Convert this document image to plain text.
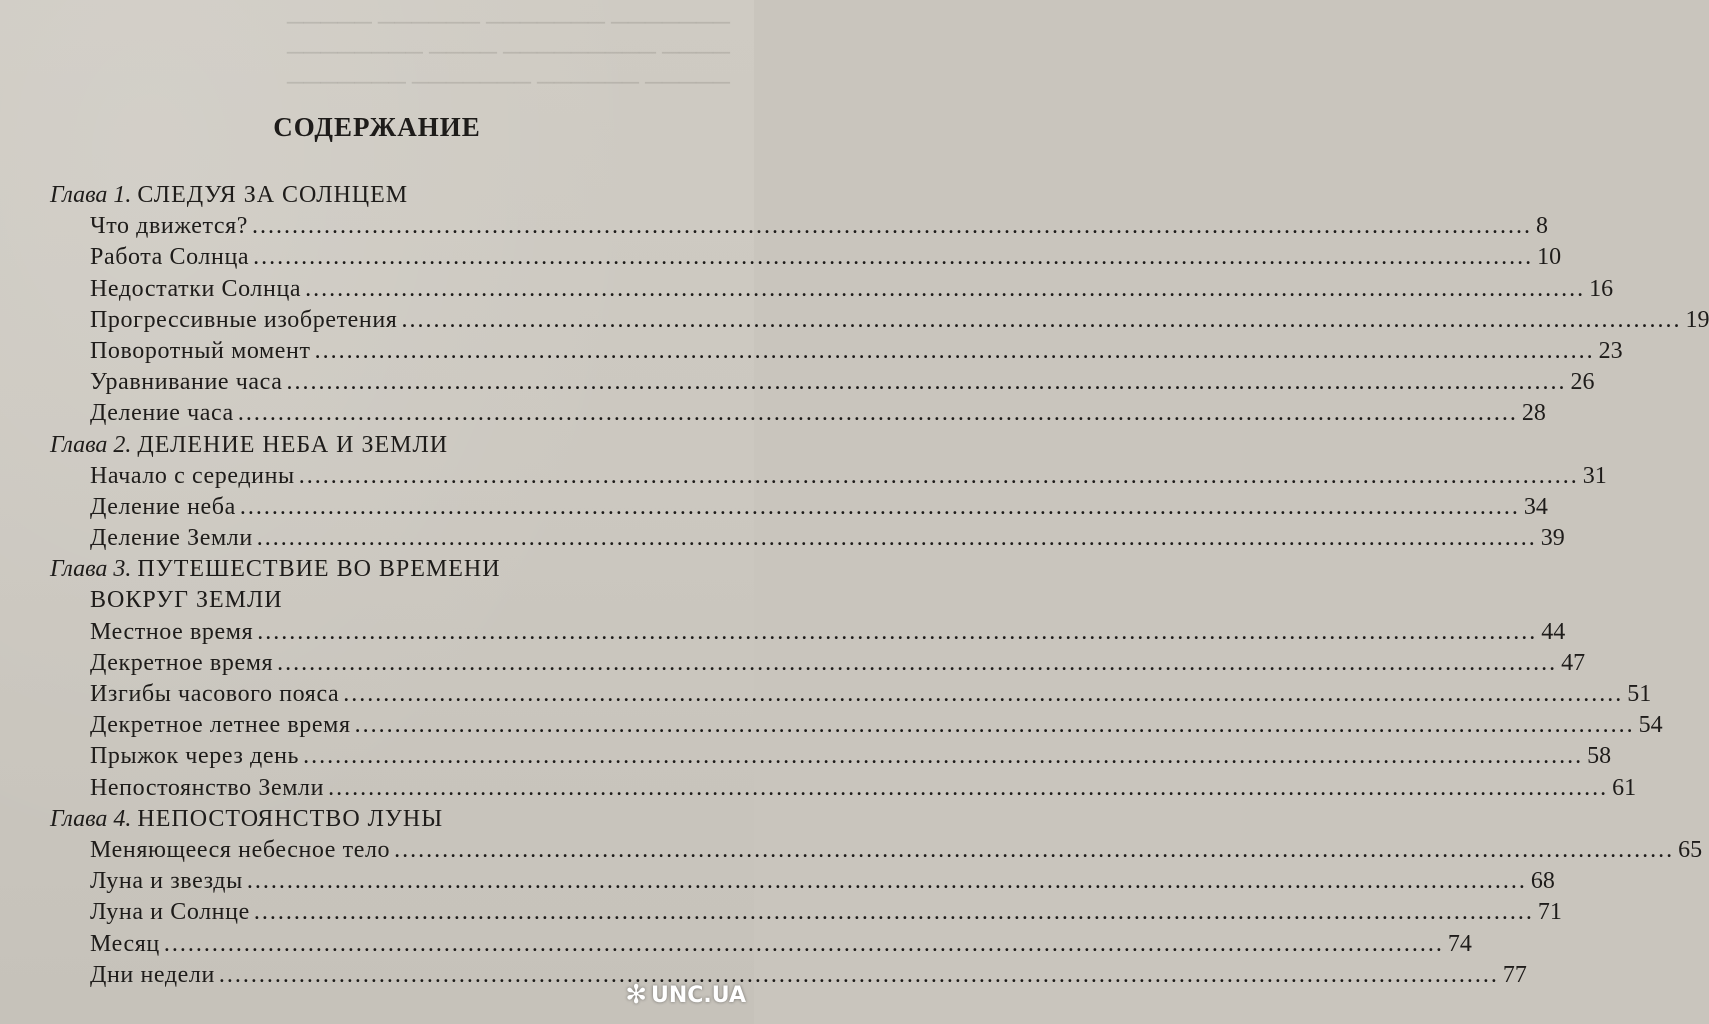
─────── ─────── ────── ─────
──── ───────── ──── ────────
───── ────── ─────── ───────
СОДЕРЖАНИЕ
Глава 1. СЛЕДУЯ ЗА СОЛНЦЕМ
Что движется? ................................................................................................................................................................ 8
Работа Солнца ................................................................................................................................................................ 10
Недостатки Солнца ................................................................................................................................................................ 16
Прогрессивные изобретения ................................................................................................................................................................ 19
Поворотный момент ................................................................................................................................................................ 23
Уравнивание часа ................................................................................................................................................................ 26
Деление часа ................................................................................................................................................................ 28
Глава 2. ДЕЛЕНИЕ НЕБА И ЗЕМЛИ
Начало с середины ................................................................................................................................................................ 31
Деление неба ................................................................................................................................................................ 34
Деление Земли ................................................................................................................................................................ 39
Глава 3. ПУТЕШЕСТВИЕ ВО ВРЕМЕНИ
ВОКРУГ ЗЕМЛИ
Местное время ................................................................................................................................................................ 44
Декретное время ................................................................................................................................................................ 47
Изгибы часового пояса ................................................................................................................................................................ 51
Декретное летнее время ................................................................................................................................................................ 54
Прыжок через день ................................................................................................................................................................ 58
Непостоянство Земли ................................................................................................................................................................ 61
Глава 4. НЕПОСТОЯНСТВО ЛУНЫ
Меняющееся небесное тело ................................................................................................................................................................ 65
Луна и звезды ................................................................................................................................................................ 68
Луна и Солнце ................................................................................................................................................................ 71
Месяц ................................................................................................................................................................ 74
Дни недели ................................................................................................................................................................ 77
✻ UNC.UA
